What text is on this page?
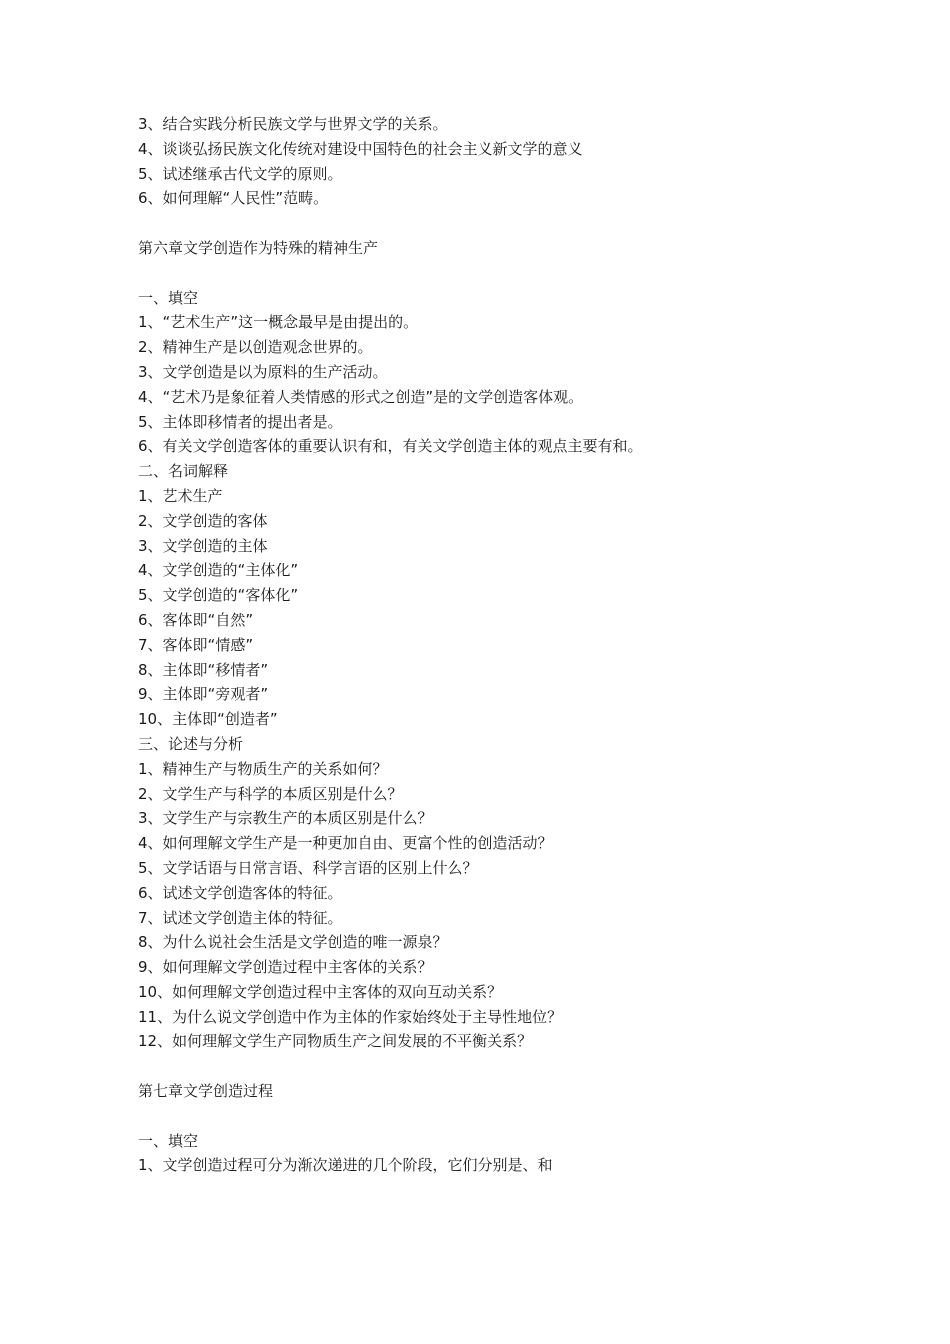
3、结合实践分析民族文学与世界文学的关系。
4、谈谈弘扬民族文化传统对建设中国特色的社会主义新文学的意义
5、试述继承古代文学的原则。
6、如何理解“人民性”范畴。
第六章文学创造作为特殊的精神生产
一、填空
1、“艺术生产”这一概念最早是由提出的。
2、精神生产是以创造观念世界的。
3、文学创造是以为原料的生产活动。
4、“艺术乃是象征着人类情感的形式之创造”是的文学创造客体观。
5、主体即移情者的提出者是。
6、有关文学创造客体的重要认识有和，有关文学创造主体的观点主要有和。
二、名词解释
1、艺术生产
2、文学创造的客体
3、文学创造的主体
4、文学创造的“主体化”
5、文学创造的“客体化”
6、客体即“自然”
7、客体即“情感”
8、主体即“移情者”
9、主体即“旁观者”
10、主体即“创造者”
三、论述与分析
1、精神生产与物质生产的关系如何？
2、文学生产与科学的本质区别是什么？
3、文学生产与宗教生产的本质区别是什么？
4、如何理解文学生产是一种更加自由、更富个性的创造活动？
5、文学话语与日常言语、科学言语的区别上什么？
6、试述文学创造客体的特征。
7、试述文学创造主体的特征。
8、为什么说社会生活是文学创造的唯一源泉？
9、如何理解文学创造过程中主客体的关系？
10、如何理解文学创造过程中主客体的双向互动关系？
11、为什么说文学创造中作为主体的作家始终处于主导性地位？
12、如何理解文学生产同物质生产之间发展的不平衡关系？
第七章文学创造过程
一、填空
1、文学创造过程可分为渐次递进的几个阶段，它们分别是、和
